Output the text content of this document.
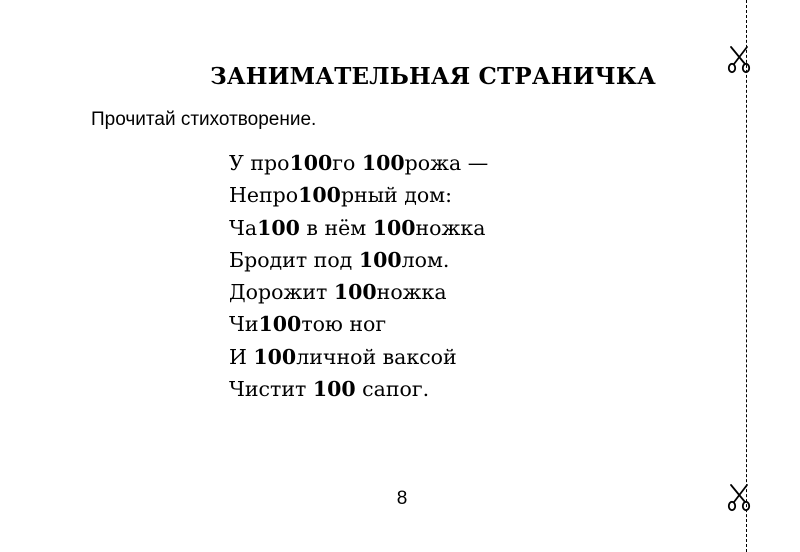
ЗАНИМАТЕЛЬНАЯ СТРАНИЧКА
Прочитай стихотворение.
У про100го 100рожа —
Непро100рный дом:
Ча100 в нём 100ножка
Бродит под 100лом.
Дорожит 100ножка
Чи100тою ног
И 100личной ваксой
Чистит 100 сапог.
8
